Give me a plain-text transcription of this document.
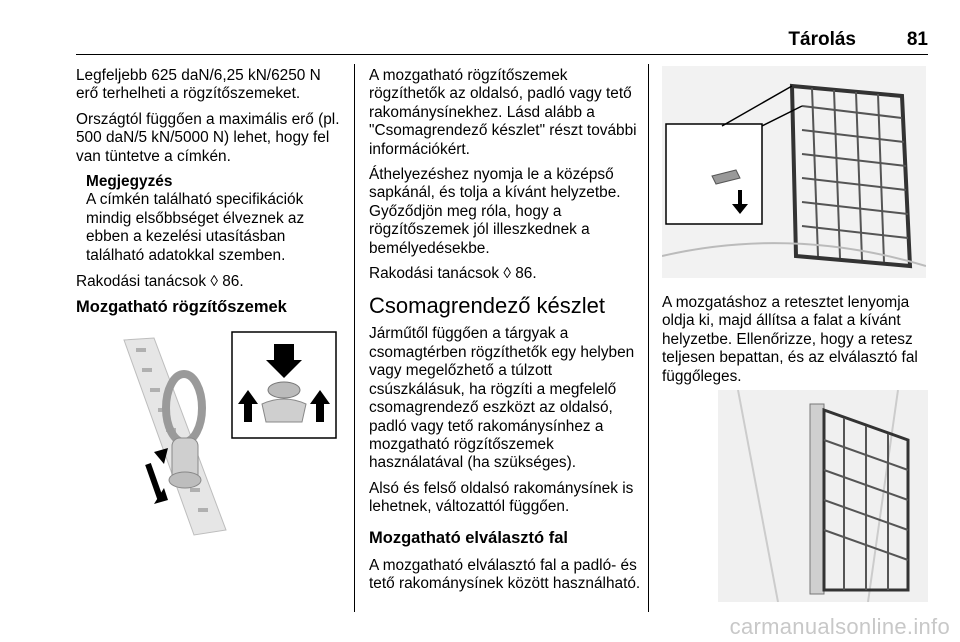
Tárolás	81

Legfeljebb 625 daN/6,25 kN/6250 N erő terhelheti a rögzítőszemeket.

Országtól függően a maximális erő (pl. 500 daN/5 kN/5000 N) lehet, hogy fel van tüntetve a címkén.

Megjegyzés
A címkén található specifikációk mindig elsőbbséget élveznek az ebben a kezelési utasításban található adatokkal szemben.

Rakodási tanácsok ◊ 86.

Mozgatható rögzítőszemek

A mozgatható rögzítőszemek rögzíthetők az oldalsó, padló vagy tető rakománysínekhez. Lásd alább a "Csomagrendező készlet" részt további információkért.

Áthelyezéshez nyomja le a középső sapkánál, és tolja a kívánt helyzetbe. Győződjön meg róla, hogy a rögzítőszemek jól illeszkednek a bemélyedésekbe.

Rakodási tanácsok ◊ 86.

Csomagrendező készlet

Járműtől függően a tárgyak a csomagtérben rögzíthetők egy helyben vagy megelőzhető a túlzott csúszkálásuk, ha rögzíti a megfelelő csomagrendező eszközt az oldalsó, padló vagy tető rakománysínhez a mozgatható rögzítőszemek használatával (ha szükséges).

Alsó és felső oldalsó rakománysínek is lehetnek, változattól függően.

Mozgatható elválasztó fal

A mozgatható elválasztó fal a padló- és tető rakománysínek között használható.

A mozgatáshoz a retesztet lenyomja oldja ki, majd állítsa a falat a kívánt helyzetbe. Ellenőrizze, hogy a retesz teljesen bepattan, és az elválasztó fal függőleges.

carmanualsonline.info
